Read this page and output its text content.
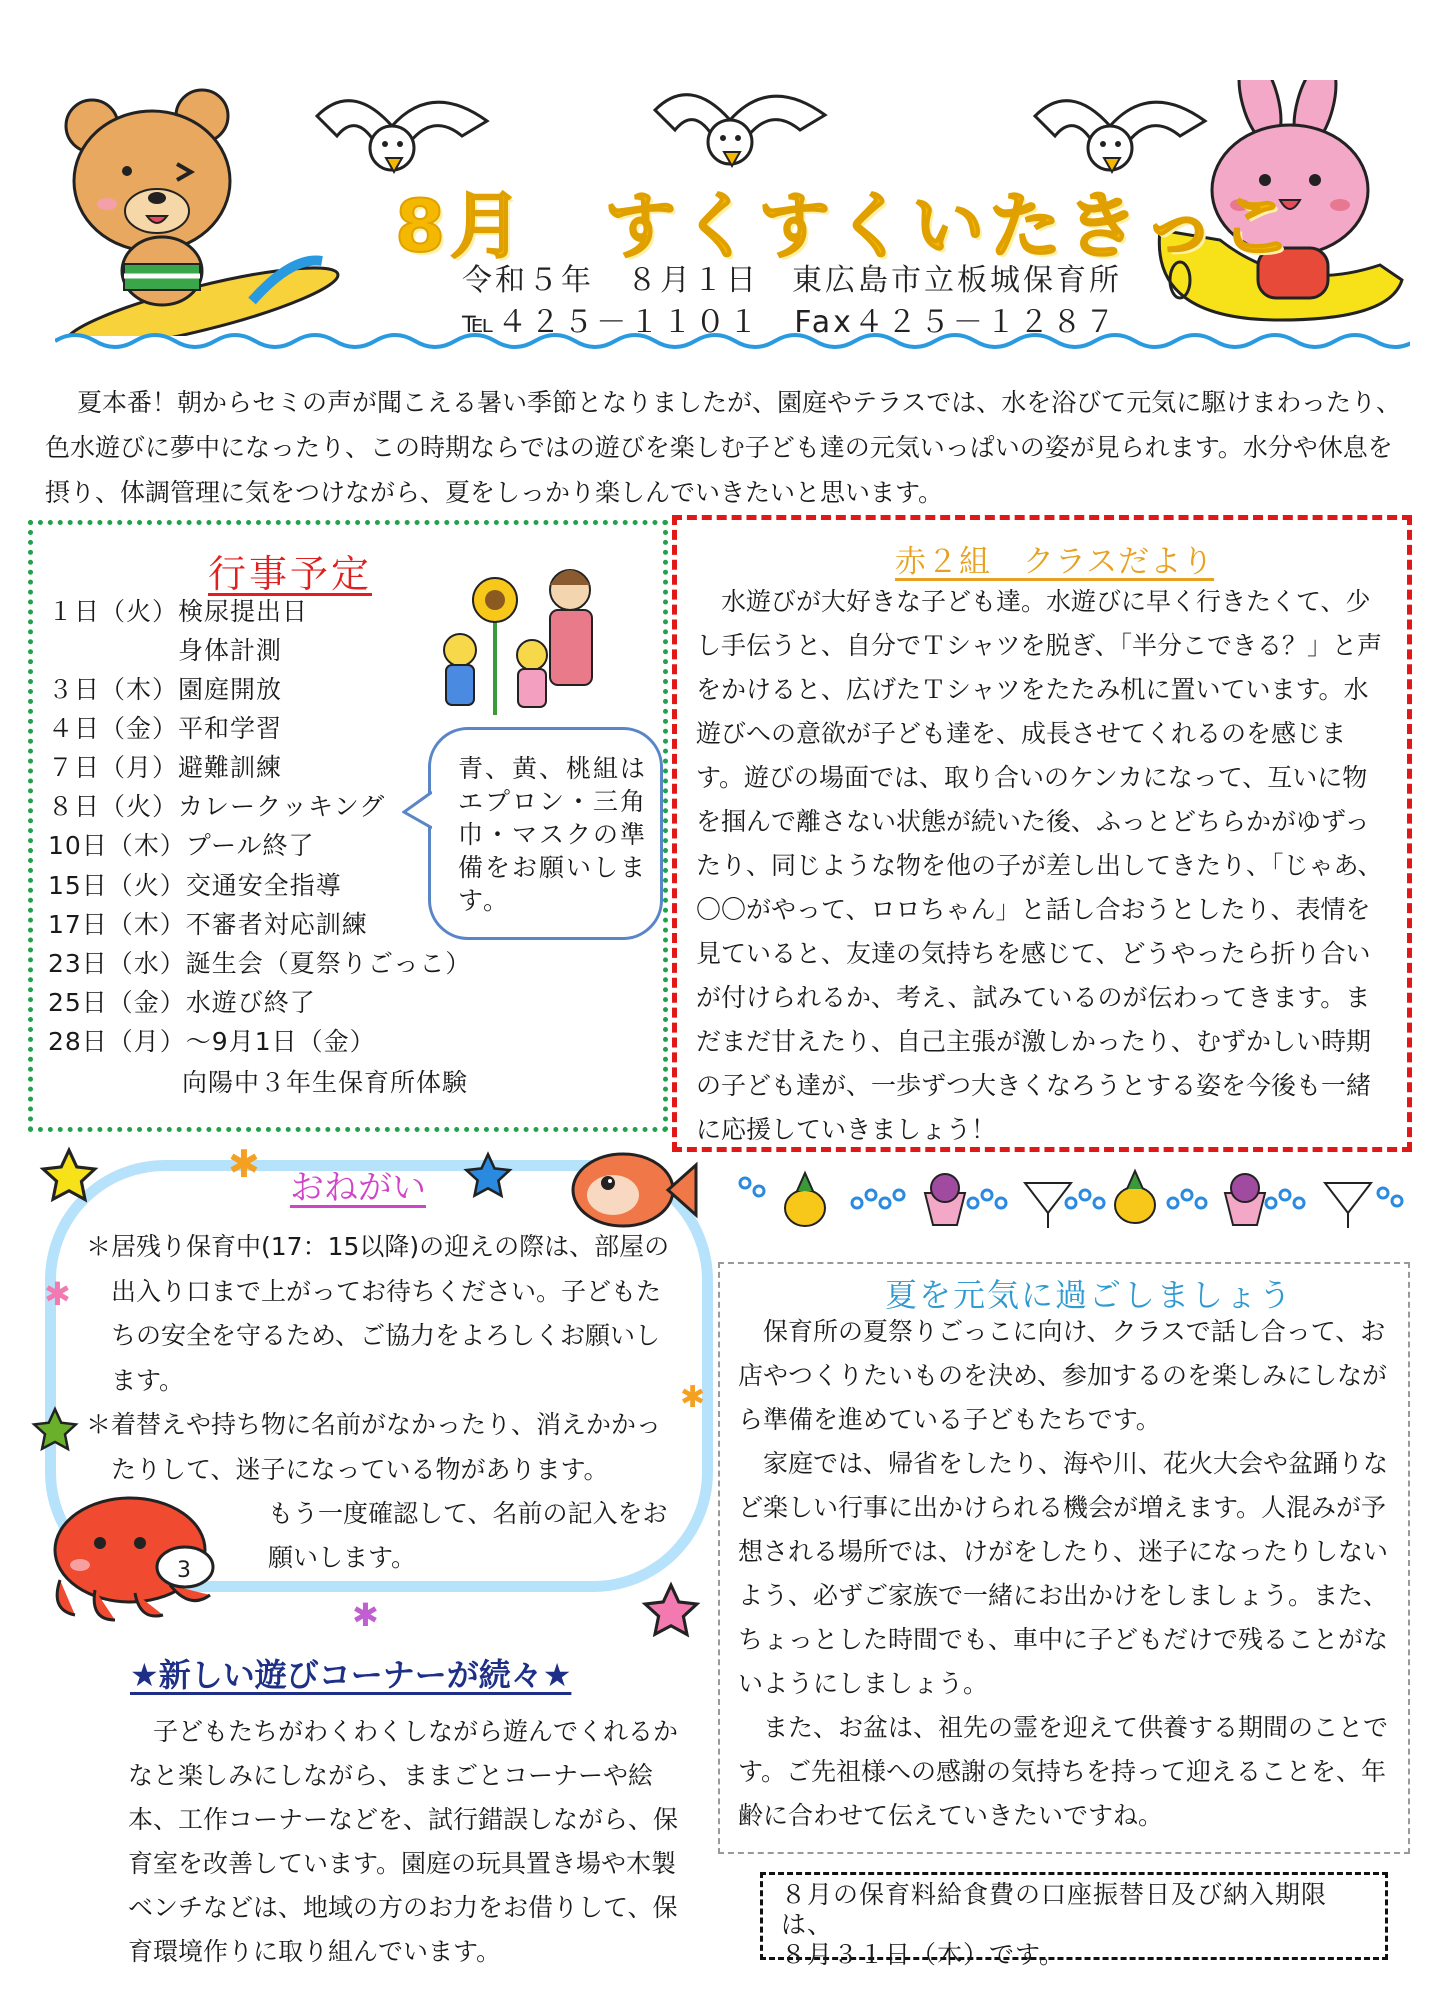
8月　すくすくいたきっこ
令和５年　８月１日　東広島市立板城保育所
℡４２５－１１０１　Fax４２５－１２８７
夏本番！朝からセミの声が聞こえる暑い季節となりましたが、園庭やテラスでは、水を浴びて元気に駆けまわったり、色水遊びに夢中になったり、この時期ならではの遊びを楽しむ子ども達の元気いっぱいの姿が見られます。水分や休息を摂り、体調管理に気をつけながら、夏をしっかり楽しんでいきたいと思います。
行事予定
１日（火）検尿提出日
　　　　　身体計測
３日（木）園庭開放
４日（金）平和学習
７日（月）避難訓練
８日（火）カレークッキング
10日（木）プール終了
15日（火）交通安全指導
17日（木）不審者対応訓練
23日（水）誕生会（夏祭りごっこ）
25日（金）水遊び終了
28日（月）～9月1日（金）
　　　　向陽中３年生保育所体験
青、黄、桃組はエプロン・三角巾・マスクの準備をお願いします。
赤２組　クラスだより
水遊びが大好きな子ども達。水遊びに早く行きたくて、少し手伝うと、自分でＴシャツを脱ぎ、「半分こできる？」と声をかけると、広げたＴシャツをたたみ机に置いています。水遊びへの意欲が子ども達を、成長させてくれるのを感じます。遊びの場面では、取り合いのケンカになって、互いに物を掴んで離さない状態が続いた後、ふっとどちらかがゆずったり、同じような物を他の子が差し出してきたり、「じゃあ、〇〇がやって、ロロちゃん」と話し合おうとしたり、表情を見ていると、友達の気持ちを感じて、どうやったら折り合いが付けられるか、考え、試みているのが伝わってきます。まだまだ甘えたり、自己主張が激しかったり、むずかしい時期の子ども達が、一歩ずつ大きくなろうとする姿を今後も一緒に応援していきましょう！
✱
✱
✱
✱
3
おねがい
＊居残り保育中(17：15以降)の迎えの際は、部屋の出入り口まで上がってお待ちください。子どもたちの安全を守るため、ご協力をよろしくお願いします。
＊着替えや持ち物に名前がなかったり、消えかかったりして、迷子になっている物があります。
もう一度確認して、名前の記入をお願いします。
夏を元気に過ごしましょう

保育所の夏祭りごっこに向け、クラスで話し合って、お店やつくりたいものを決め、参加するのを楽しみにしながら準備を進めている子どもたちです。

家庭では、帰省をしたり、海や川、花火大会や盆踊りなど楽しい行事に出かけられる機会が増えます。人混みが予想される場所では、けがをしたり、迷子になったりしないよう、必ずご家族で一緒にお出かけをしましょう。また、ちょっとした時間でも、車中に子どもだけで残ることがないようにしましょう。

また、お盆は、祖先の霊を迎えて供養する期間のことです。ご先祖様への感謝の気持ちを持って迎えることを、年齢に合わせて伝えていきたいですね。

★新しい遊びコーナーが続々★
子どもたちがわくわくしながら遊んでくれるかなと楽しみにしながら、ままごとコーナーや絵本、工作コーナーなどを、試行錯誤しながら、保育室を改善しています。園庭の玩具置き場や木製ベンチなどは、地域の方のお力をお借りして、保育環境作りに取り組んでいます。

８月の保育料給食費の口座振替日及び納入期限は、

８月３１日（木）です。
